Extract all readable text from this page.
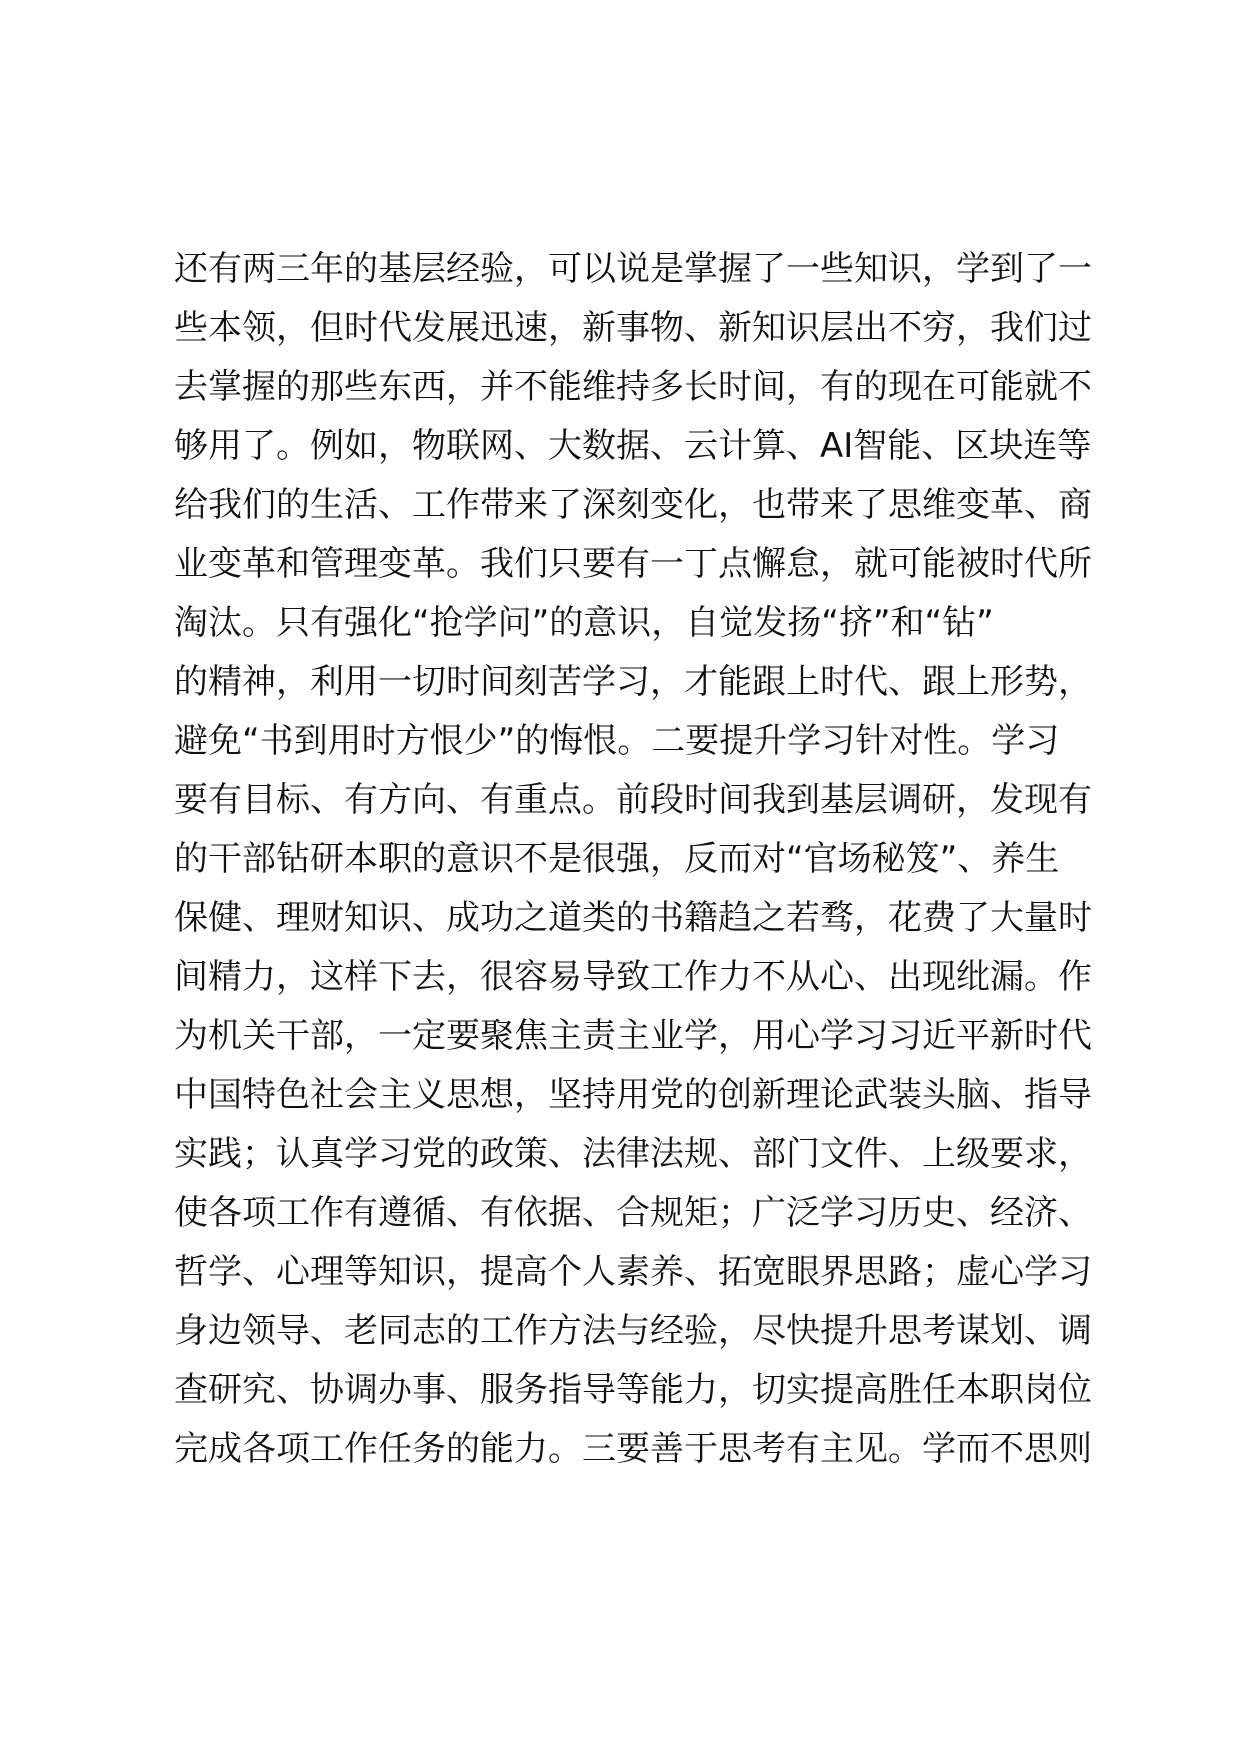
还有两三年的基层经验，可以说是掌握了一些知识，学到了一
些本领，但时代发展迅速，新事物、新知识层出不穷，我们过
去掌握的那些东西，并不能维持多长时间，有的现在可能就不
够用了。例如，物联网、大数据、云计算、AI智能、区块连等
给我们的生活、工作带来了深刻变化，也带来了思维变革、商
业变革和管理变革。我们只要有一丁点懈怠，就可能被时代所
淘汰。只有强化“抢学问”的意识，自觉发扬“挤”和“钻”
的精神，利用一切时间刻苦学习，才能跟上时代、跟上形势，
避免“书到用时方恨少”的悔恨。二要提升学习针对性。学习
要有目标、有方向、有重点。前段时间我到基层调研，发现有
的干部钻研本职的意识不是很强，反而对“官场秘笈”、养生
保健、理财知识、成功之道类的书籍趋之若骛，花费了大量时
间精力，这样下去，很容易导致工作力不从心、出现纰漏。作
为机关干部，一定要聚焦主责主业学，用心学习习近平新时代
中国特色社会主义思想，坚持用党的创新理论武装头脑、指导
实践；认真学习党的政策、法律法规、部门文件、上级要求，
使各项工作有遵循、有依据、合规矩；广泛学习历史、经济、
哲学、心理等知识，提高个人素养、拓宽眼界思路；虚心学习
身边领导、老同志的工作方法与经验，尽快提升思考谋划、调
查研究、协调办事、服务指导等能力，切实提高胜任本职岗位
完成各项工作任务的能力。三要善于思考有主见。学而不思则
